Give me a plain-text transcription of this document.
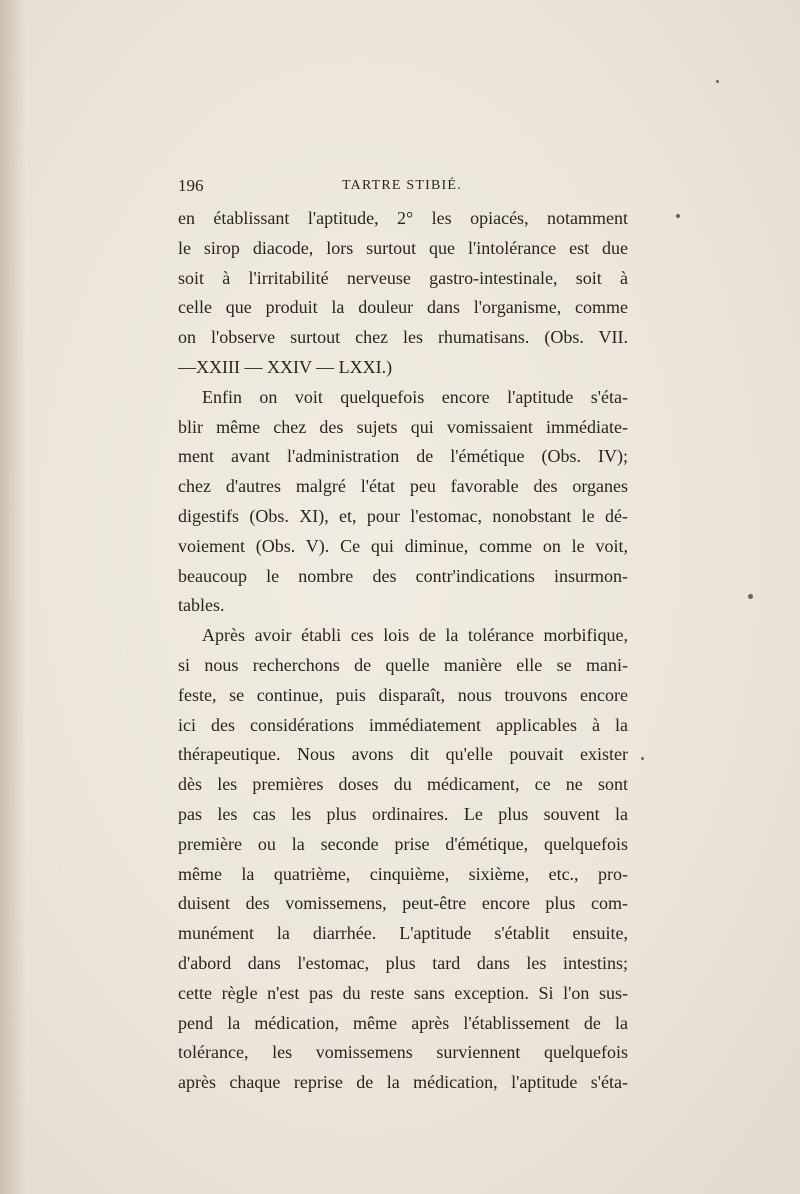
196	TARTRE STIBIÉ.
en établissant l'aptitude, 2° les opiacés, notamment
le sirop diacode, lors surtout que l'intolérance est due
soit à l'irritabilité nerveuse gastro-intestinale, soit à
celle que produit la douleur dans l'organisme, comme
on l'observe surtout chez les rhumatisans. (Obs. VII.
—XXIII — XXIV — LXXI.)
Enfin on voit quelquefois encore l'aptitude s'éta-
blir même chez des sujets qui vomissaient immédiate-
ment avant l'administration de l'émétique (Obs. IV);
chez d'autres malgré l'état peu favorable des organes
digestifs (Obs. XI), et, pour l'estomac, nonobstant le dé-
voiement (Obs. V). Ce qui diminue, comme on le voit,
beaucoup le nombre des contr'indications insurmon-
tables.
Après avoir établi ces lois de la tolérance morbifique,
si nous recherchons de quelle manière elle se mani-
feste, se continue, puis disparaît, nous trouvons encore
ici des considérations immédiatement applicables à la
thérapeutique. Nous avons dit qu'elle pouvait exister
dès les premières doses du médicament, ce ne sont
pas les cas les plus ordinaires. Le plus souvent la
première ou la seconde prise d'émétique, quelquefois
même la quatrième, cinquième, sixième, etc., pro-
duisent des vomissemens, peut-être encore plus com-
munément la diarrhée. L'aptitude s'établit ensuite,
d'abord dans l'estomac, plus tard dans les intestins;
cette règle n'est pas du reste sans exception. Si l'on sus-
pend la médication, même après l'établissement de la
tolérance, les vomissemens surviennent quelquefois
après chaque reprise de la médication, l'aptitude s'éta-
